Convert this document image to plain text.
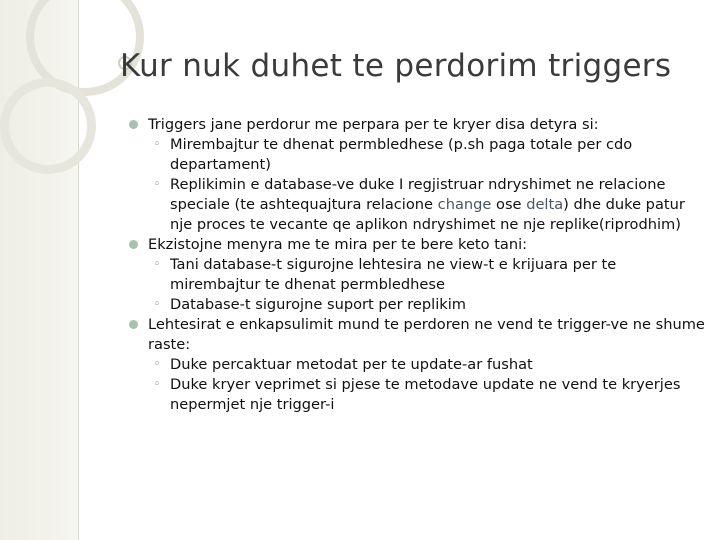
Kur nuk duhet te perdorim triggers
Triggers jane perdorur me perpara per te kryer disa detyra si:
◦ Mirembajtur te dhenat permbledhese (p.sh paga totale per cdo departament)
◦ Replikimin e database-ve duke I regjistruar ndryshimet ne relacione speciale (te ashtequajtura relacione change ose delta) dhe duke patur nje proces te vecante qe aplikon ndryshimet ne nje replike(riprodhim)
Ekzistojne menyra me te mira per te bere keto tani:
◦ Tani database-t sigurojne lehtesira ne view-t e krijuara per te mirembajtur te dhenat permbledhese
◦ Database-t sigurojne suport per replikim
Lehtesirat e enkapsulimit mund te perdoren ne vend te trigger-ve ne shume raste:
◦ Duke percaktuar metodat per te update-ar fushat
◦ Duke kryer veprimet si pjese te metodave update ne vend te kryerjes nepermjet nje trigger-i
